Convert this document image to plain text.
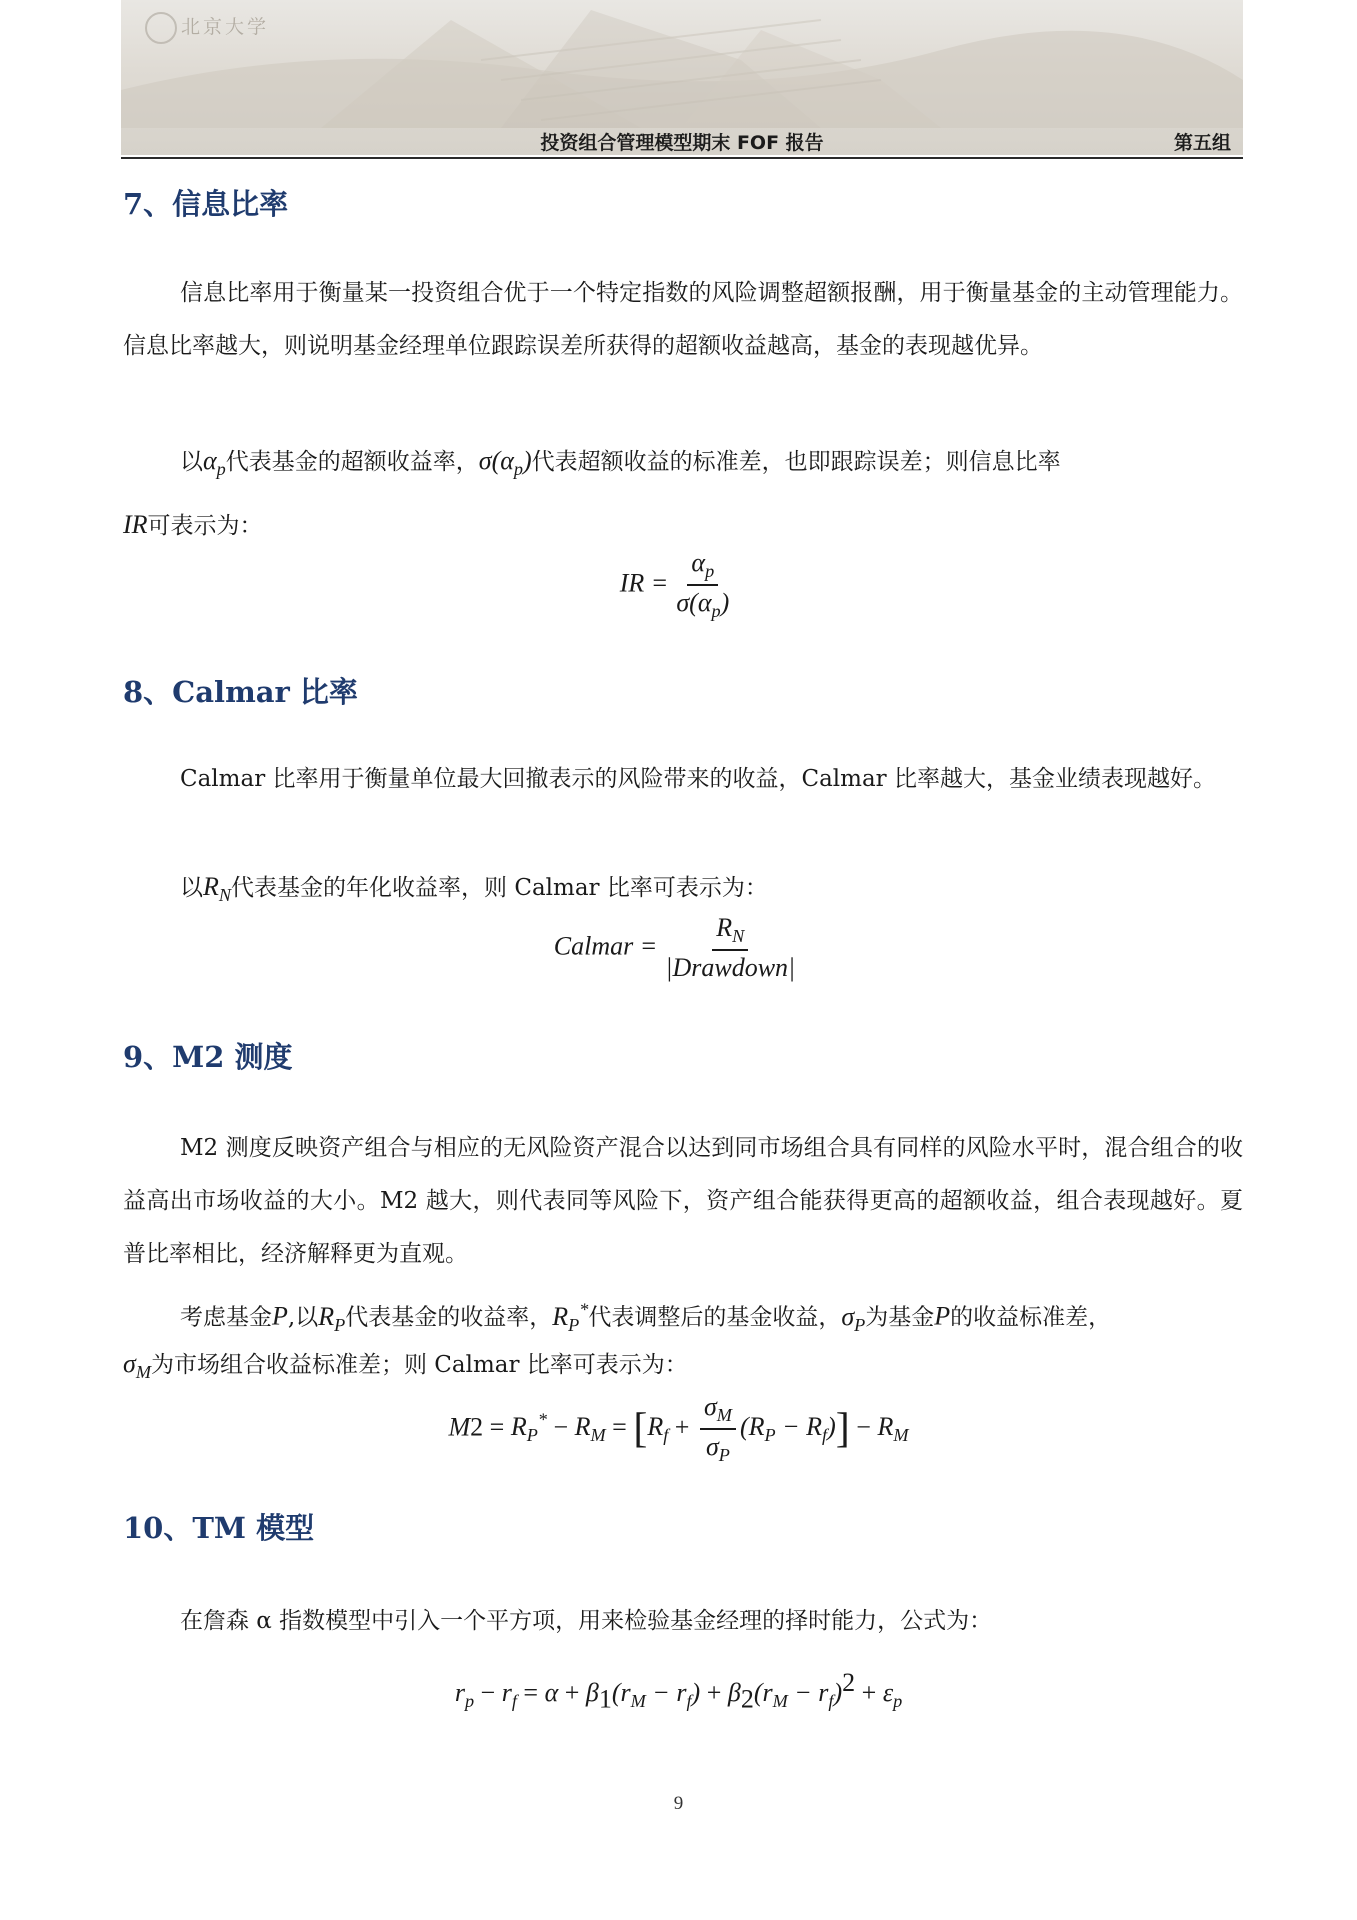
北京大学
投资组合管理模型期末 FOF 报告	第五组
7、信息比率

信息比率用于衡量某一投资组合优于一个特定指数的风险调整超额报酬，用于衡量基金的主动管理能力。信息比率越大，则说明基金经理单位跟踪误差所获得的超额收益越高，基金的表现越优异。

以$\alpha_p$代表基金的超额收益率，$\sigma(\alpha_p)$代表超额收益的标准差，也即跟踪误差；则信息比率

IR可表示为：

IR = $\frac{\alpha_p}{\sigma(\alpha_p)}$
8、Calmar 比率

Calmar 比率用于衡量单位最大回撤表示的风险带来的收益，Calmar 比率越大，基金业绩表现越好。

以$R_N$代表基金的年化收益率，则 Calmar 比率可表示为：

Calmar = $\frac{R_N}{\text{|Drawdown|}}$
9、M2 测度

M2 测度反映资产组合与相应的无风险资产混合以达到同市场组合具有同样的风险水平时，混合组合的收益高出市场收益的大小。M2 越大，则代表同等风险下，资产组合能获得更高的超额收益，组合表现越好。夏普比率相比，经济解释更为直观。

考虑基金P,以$R_P$代表基金的收益率，$R_P^*$代表调整后的基金收益，$\sigma_P$为基金P的收益标准差，

$\sigma_M$为市场组合收益标准差；则 Calmar 比率可表示为：

$M2 = R_P^* - R_M = [R_f + \frac{\sigma_M}{\sigma_P} (R_P - R_f)] - R_M$
10、TM 模型

在詹森 α 指数模型中引入一个平方项，用来检验基金经理的择时能力，公式为：

$r_p - r_f = \alpha + \beta_1(r_M - r_f) + \beta_2(r_M - r_f)^2 + \varepsilon_p$
9
